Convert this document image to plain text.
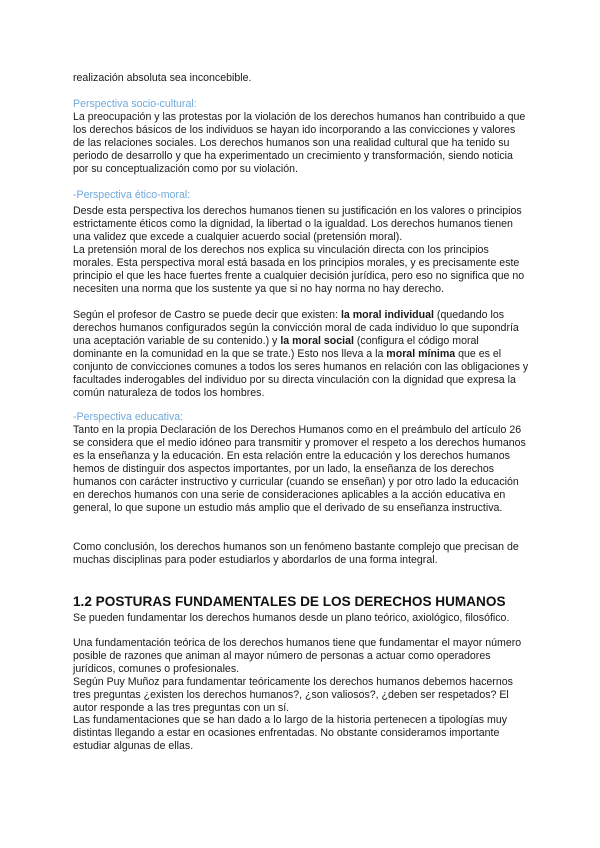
realización absoluta sea inconcebible.

Perspectiva socio-cultural:

La preocupación y las protestas por la violación de los derechos humanos han contribuido a que los derechos básicos de los individuos se hayan ido incorporando a las convicciones y valores de las relaciones sociales. Los derechos humanos son una realidad cultural que ha tenido su periodo de desarrollo y que ha experimentado un crecimiento y transformación, siendo noticia por su conceptualización como por su violación.

-Perspectiva ético-moral:

Desde esta perspectiva los derechos humanos tienen su justificación en los valores o principios estrictamente éticos como la dignidad, la libertad o la igualdad. Los derechos humanos tienen una validez que excede a cualquier acuerdo social (pretensión moral).

La pretensión moral de los derechos nos explica su vinculación directa con los principios morales. Esta perspectiva moral está basada en los principios morales, y es precisamente este principio el que les hace fuertes frente a cualquier decisión jurídica, pero eso no significa que no necesiten una norma que los sustente ya que si no hay norma no hay derecho.

Según el profesor de Castro se puede decir que existen: la moral individual (quedando los derechos humanos configurados según la convicción moral de cada individuo lo que supondría una aceptación variable de su contenido.) y la moral social (configura el código moral dominante en la comunidad en la que se trate.) Esto nos lleva a la moral mínima que es el conjunto de convicciones comunes a todos los seres humanos en relación con las obligaciones y facultades inderogables del individuo por su directa vinculación con la dignidad que expresa la común naturaleza de todos los hombres.

-Perspectiva educativa:

Tanto en la propia Declaración de los Derechos Humanos como en el preámbulo del artículo 26 se considera que el medio idóneo para transmitir y promover el respeto a los derechos humanos es la enseñanza y la educación. En esta relación entre la educación y los derechos humanos hemos de distinguir dos aspectos importantes, por un lado, la enseñanza de los derechos humanos con carácter instructivo y curricular (cuando se enseñan) y por otro lado la educación en derechos humanos con una serie de consideraciones aplicables a la acción educativa en general, lo que supone un estudio más amplio que el derivado de su enseñanza instructiva.

Como conclusión, los derechos humanos son un fenómeno bastante complejo que precisan de muchas disciplinas para poder estudiarlos y abordarlos de una forma integral.

1.2 POSTURAS FUNDAMENTALES DE LOS DERECHOS HUMANOS

Se pueden fundamentar los derechos humanos desde un plano teórico, axiológico, filosófico.

Una fundamentación teórica de los derechos humanos tiene que fundamentar el mayor número posible de razones que animan al mayor número de personas a actuar como operadores jurídicos, comunes o profesionales.

Según Puy Muñoz para fundamentar teóricamente los derechos humanos debemos hacernos tres preguntas ¿existen los derechos humanos?, ¿son valiosos?, ¿deben ser respetados? El autor responde a las tres preguntas con un sí.

Las fundamentaciones que se han dado a lo largo de la historia pertenecen a tipologías muy distintas llegando a estar en ocasiones enfrentadas. No obstante consideramos importante estudiar algunas de ellas.
